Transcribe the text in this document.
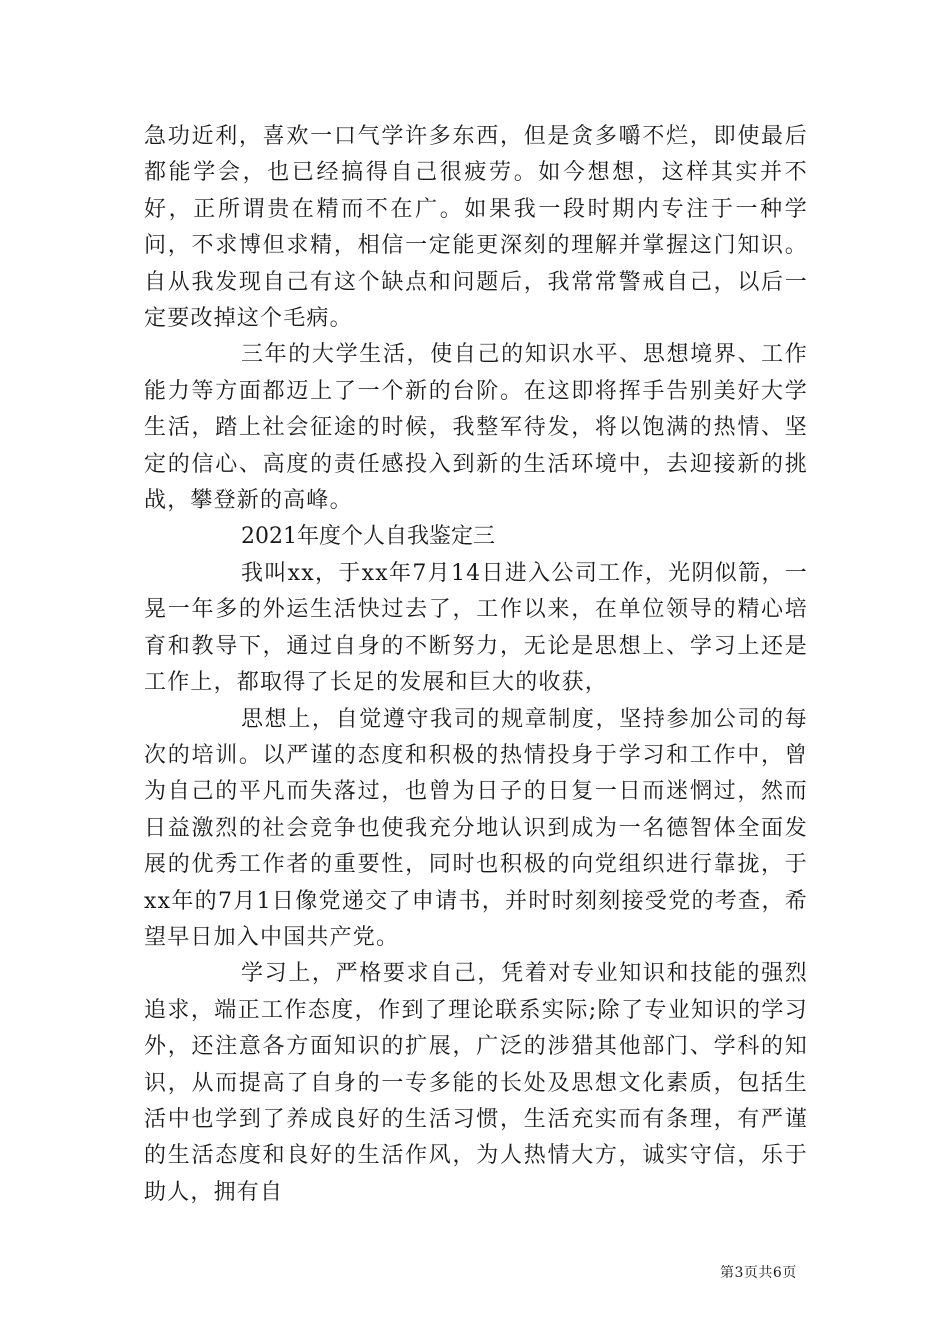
急功近利，喜欢一口气学许多东西，但是贪多嚼不烂，即使最后都能学会，也已经搞得自己很疲劳。如今想想，这样其实并不好，正所谓贵在精而不在广。如果我一段时期内专注于一种学问，不求博但求精，相信一定能更深刻的理解并掌握这门知识。自从我发现自己有这个缺点和问题后，我常常警戒自己，以后一定要改掉这个毛病。

三年的大学生活，使自己的知识水平、思想境界、工作能力等方面都迈上了一个新的台阶。在这即将挥手告别美好大学生活，踏上社会征途的时候，我整军待发，将以饱满的热情、坚定的信心、高度的责任感投入到新的生活环境中，去迎接新的挑战，攀登新的高峰。

2021年度个人自我鉴定三

我叫xx，于xx年7月14日进入公司工作，光阴似箭，一晃一年多的外运生活快过去了，工作以来，在单位领导的精心培育和教导下，通过自身的不断努力，无论是思想上、学习上还是工作上，都取得了长足的发展和巨大的收获，

思想上，自觉遵守我司的规章制度，坚持参加公司的每次的培训。以严谨的态度和积极的热情投身于学习和工作中，曾为自己的平凡而失落过，也曾为日子的日复一日而迷惘过，然而日益激烈的社会竞争也使我充分地认识到成为一名德智体全面发展的优秀工作者的重要性，同时也积极的向党组织进行靠拢，于xx年的7月1日像党递交了申请书，并时时刻刻接受党的考查，希望早日加入中国共产党。

学习上，严格要求自己，凭着对专业知识和技能的强烈追求，端正工作态度，作到了理论联系实际;除了专业知识的学习外，还注意各方面知识的扩展，广泛的涉猎其他部门、学科的知识，从而提高了自身的一专多能的长处及思想文化素质，包括生活中也学到了养成良好的生活习惯，生活充实而有条理，有严谨的生活态度和良好的生活作风，为人热情大方，诚实守信，乐于助人，拥有自

第3页共6页
